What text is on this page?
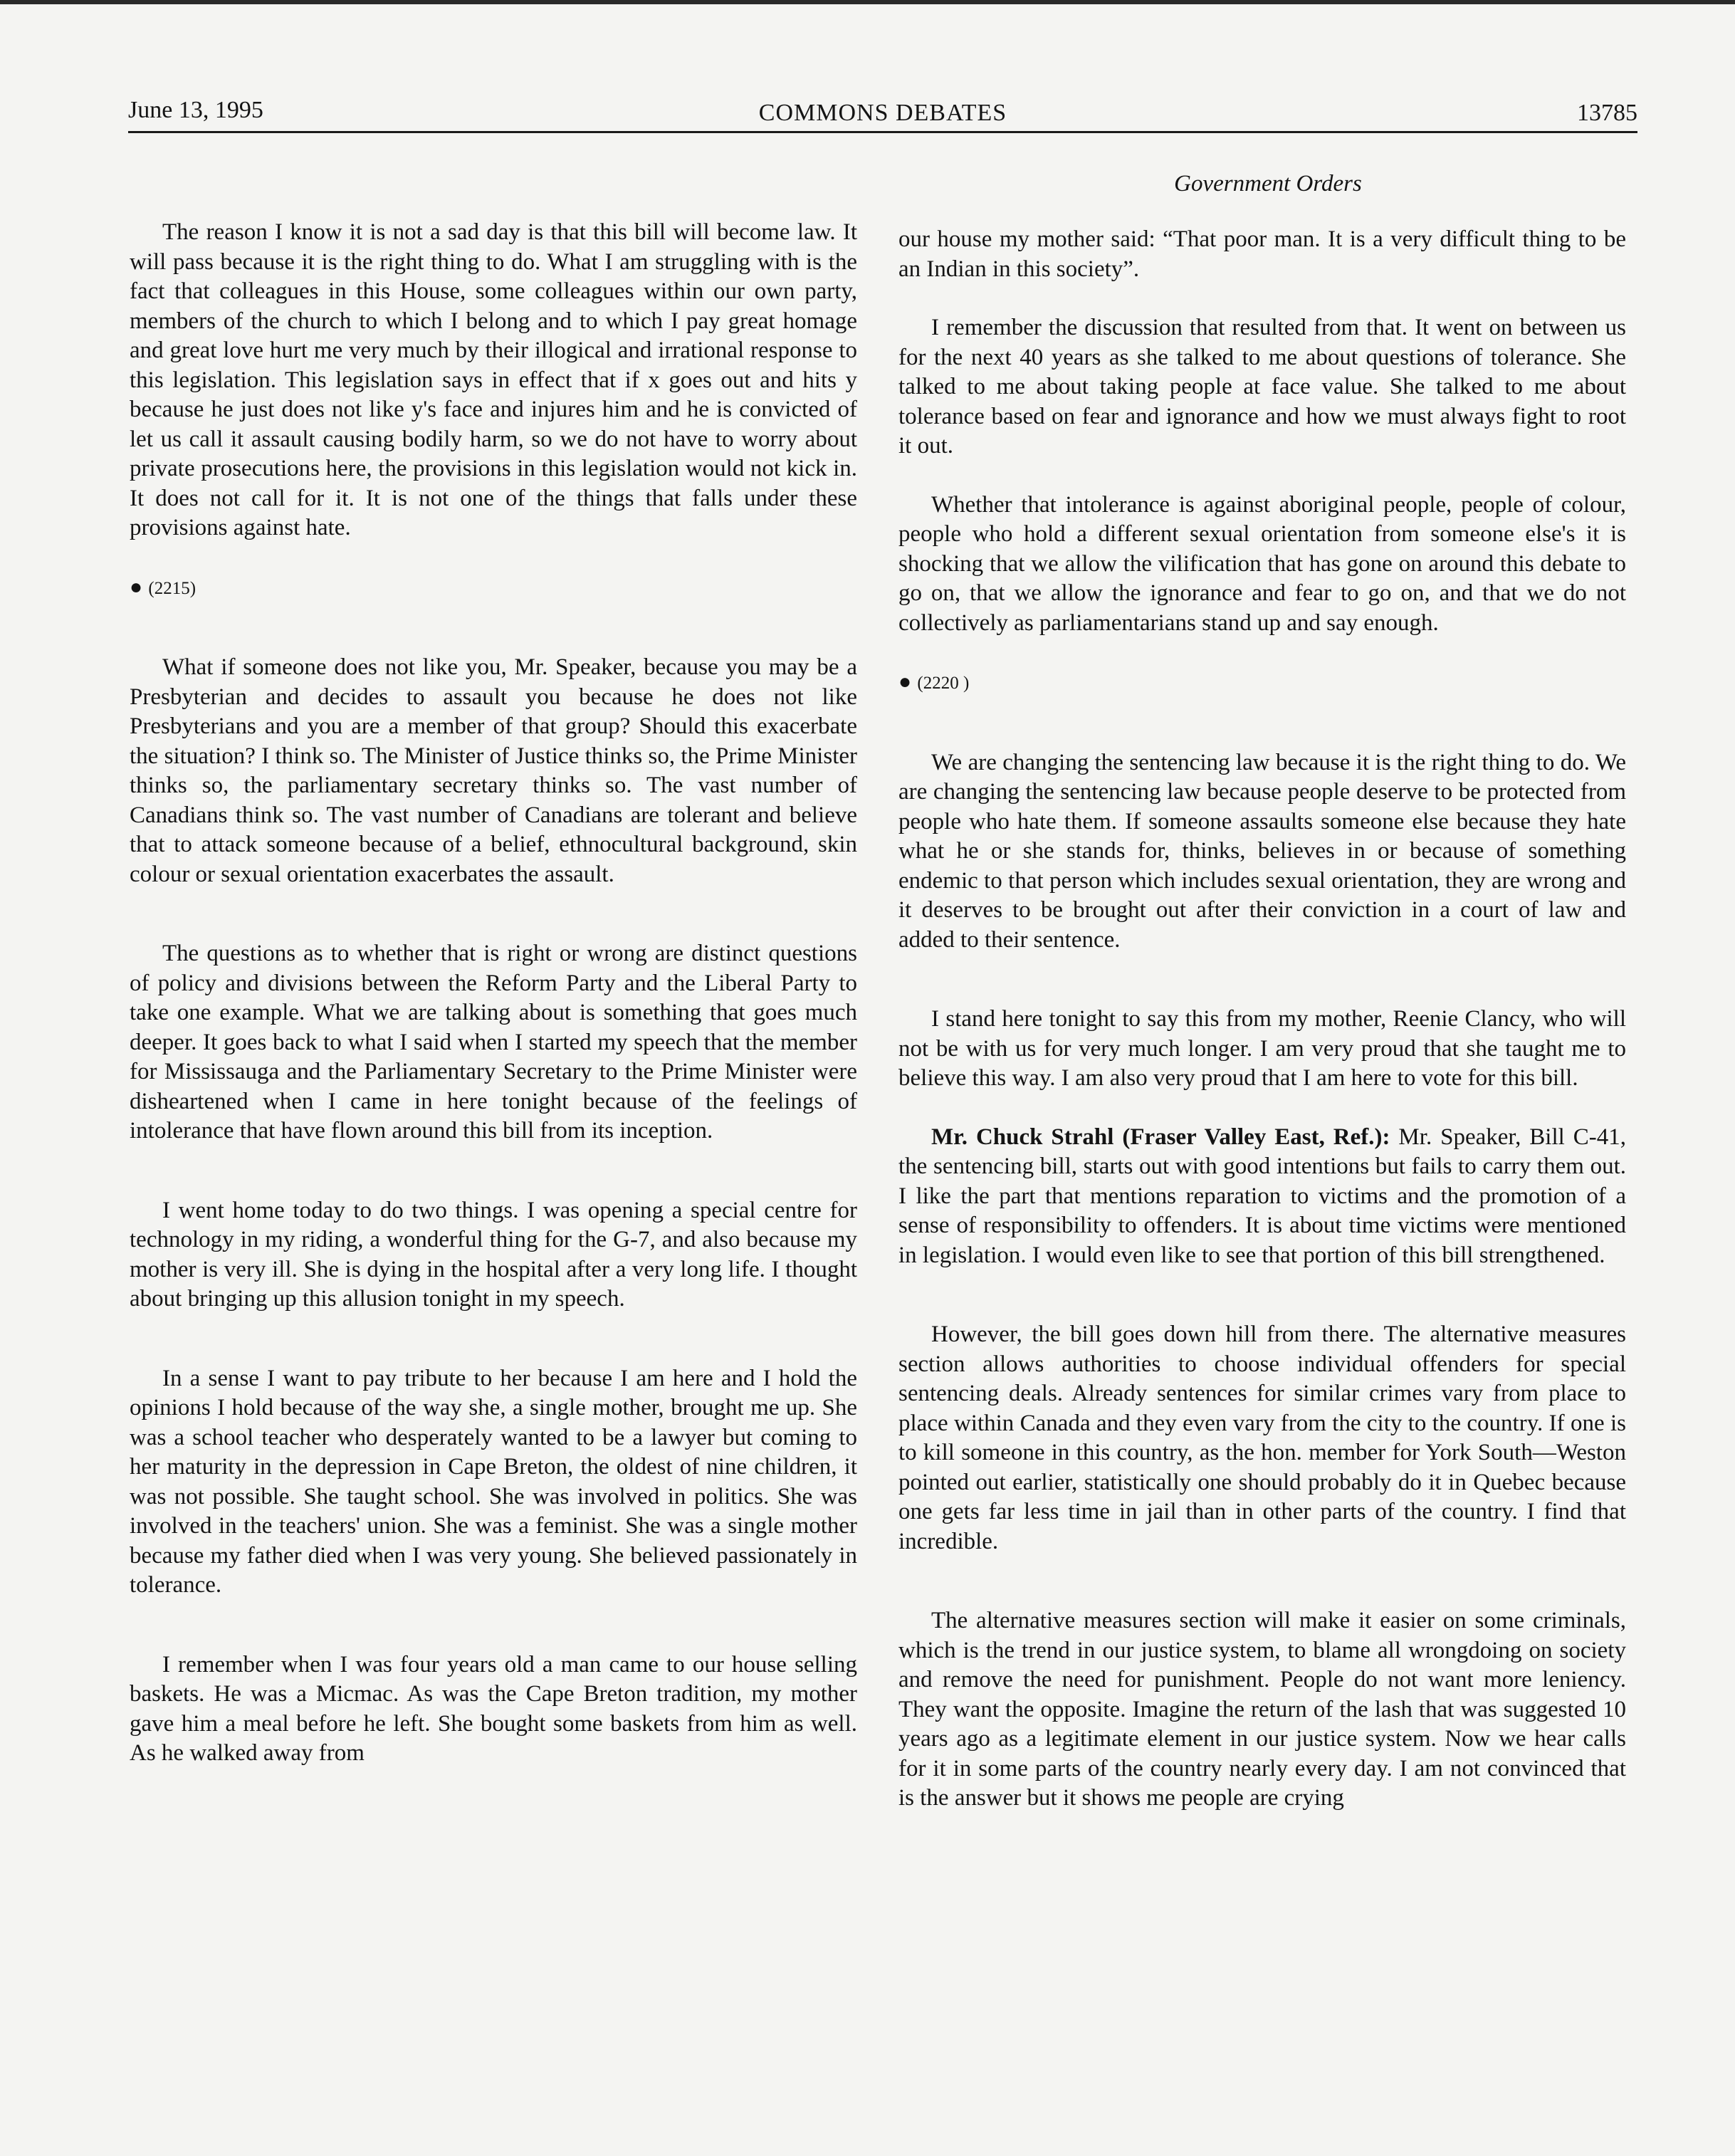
June 13, 1995	COMMONS DEBATES	13785
Government Orders

The reason I know it is not a sad day is that this bill will become law. It will pass because it is the right thing to do. What I am struggling with is the fact that colleagues in this House, some colleagues within our own party, members of the church to which I belong and to which I pay great homage and great love hurt me very much by their illogical and irrational response to this legislation. This legislation says in effect that if x goes out and hits y because he just does not like y's face and injures him and he is convicted of let us call it assault causing bodily harm, so we do not have to worry about private prosecutions here, the provisions in this legislation would not kick in. It does not call for it. It is not one of the things that falls under these provisions against hate.

● (2215)

What if someone does not like you, Mr. Speaker, because you may be a Presbyterian and decides to assault you because he does not like Presbyterians and you are a member of that group? Should this exacerbate the situation? I think so. The Minister of Justice thinks so, the Prime Minister thinks so, the parliamentary secretary thinks so. The vast number of Canadians think so. The vast number of Canadians are tolerant and believe that to attack someone because of a belief, ethnocultural background, skin colour or sexual orientation exacerbates the assault.

The questions as to whether that is right or wrong are distinct questions of policy and divisions between the Reform Party and the Liberal Party to take one example. What we are talking about is something that goes much deeper. It goes back to what I said when I started my speech that the member for Mississauga and the Parliamentary Secretary to the Prime Minister were disheartened when I came in here tonight because of the feelings of intolerance that have flown around this bill from its inception.

I went home today to do two things. I was opening a special centre for technology in my riding, a wonderful thing for the G-7, and also because my mother is very ill. She is dying in the hospital after a very long life. I thought about bringing up this allusion tonight in my speech.

In a sense I want to pay tribute to her because I am here and I hold the opinions I hold because of the way she, a single mother, brought me up. She was a school teacher who desperately wanted to be a lawyer but coming to her maturity in the depression in Cape Breton, the oldest of nine children, it was not possible. She taught school. She was involved in politics. She was involved in the teachers' union. She was a feminist. She was a single mother because my father died when I was very young. She believed passionately in tolerance.

I remember when I was four years old a man came to our house selling baskets. He was a Micmac. As was the Cape Breton tradition, my mother gave him a meal before he left. She bought some baskets from him as well. As he walked away from

our house my mother said: “That poor man. It is a very difficult thing to be an Indian in this society”.

I remember the discussion that resulted from that. It went on between us for the next 40 years as she talked to me about questions of tolerance. She talked to me about taking people at face value. She talked to me about tolerance based on fear and ignorance and how we must always fight to root it out.

Whether that intolerance is against aboriginal people, people of colour, people who hold a different sexual orientation from someone else's it is shocking that we allow the vilification that has gone on around this debate to go on, that we allow the ignorance and fear to go on, and that we do not collectively as parliamentarians stand up and say enough.

● (2220 )

We are changing the sentencing law because it is the right thing to do. We are changing the sentencing law because people deserve to be protected from people who hate them. If someone assaults someone else because they hate what he or she stands for, thinks, believes in or because of something endemic to that person which includes sexual orientation, they are wrong and it deserves to be brought out after their conviction in a court of law and added to their sentence.

I stand here tonight to say this from my mother, Reenie Clancy, who will not be with us for very much longer. I am very proud that she taught me to believe this way. I am also very proud that I am here to vote for this bill.

Mr. Chuck Strahl (Fraser Valley East, Ref.): Mr. Speaker, Bill C-41, the sentencing bill, starts out with good intentions but fails to carry them out. I like the part that mentions reparation to victims and the promotion of a sense of responsibility to offenders. It is about time victims were mentioned in legislation. I would even like to see that portion of this bill strengthened.

However, the bill goes down hill from there. The alternative measures section allows authorities to choose individual offenders for special sentencing deals. Already sentences for similar crimes vary from place to place within Canada and they even vary from the city to the country. If one is to kill someone in this country, as the hon. member for York South—Weston pointed out earlier, statistically one should probably do it in Quebec because one gets far less time in jail than in other parts of the country. I find that incredible.

The alternative measures section will make it easier on some criminals, which is the trend in our justice system, to blame all wrongdoing on society and remove the need for punishment. People do not want more leniency. They want the opposite. Imagine the return of the lash that was suggested 10 years ago as a legitimate element in our justice system. Now we hear calls for it in some parts of the country nearly every day. I am not convinced that is the answer but it shows me people are crying
